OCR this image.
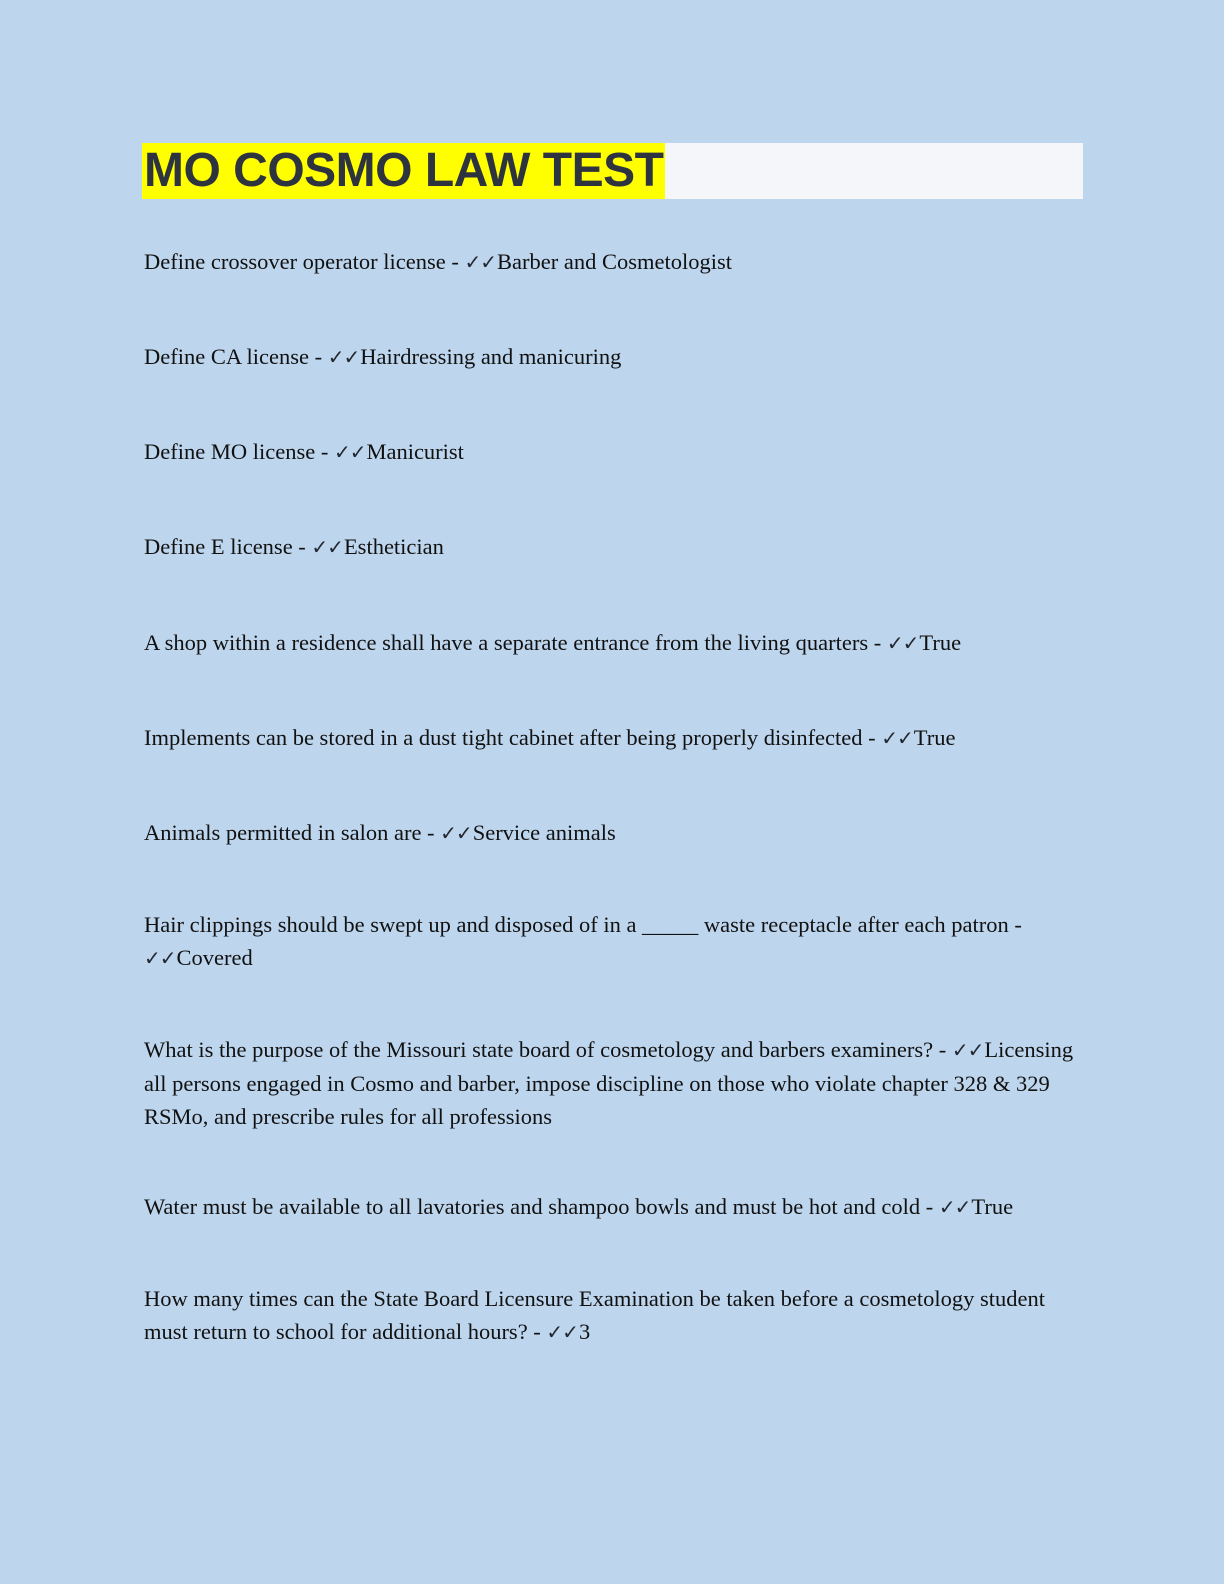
MO COSMO LAW TEST
Define crossover operator license - ✓✓Barber and Cosmetologist
Define CA license - ✓✓Hairdressing and manicuring
Define MO license - ✓✓Manicurist
Define E license - ✓✓Esthetician
A shop within a residence shall have a separate entrance from the living quarters - ✓✓True
Implements can be stored in a dust tight cabinet after being properly disinfected - ✓✓True
Animals permitted in salon are - ✓✓Service animals
Hair clippings should be swept up and disposed of in a _____ waste receptacle after each patron - ✓✓Covered
What is the purpose of the Missouri state board of cosmetology and barbers examiners? - ✓✓Licensing all persons engaged in Cosmo and barber, impose discipline on those who violate chapter 328 & 329 RSMo, and prescribe rules for all professions
Water must be available to all lavatories and shampoo bowls and must be hot and cold - ✓✓True
How many times can the State Board Licensure Examination be taken before a cosmetology student must return to school for additional hours? - ✓✓3
